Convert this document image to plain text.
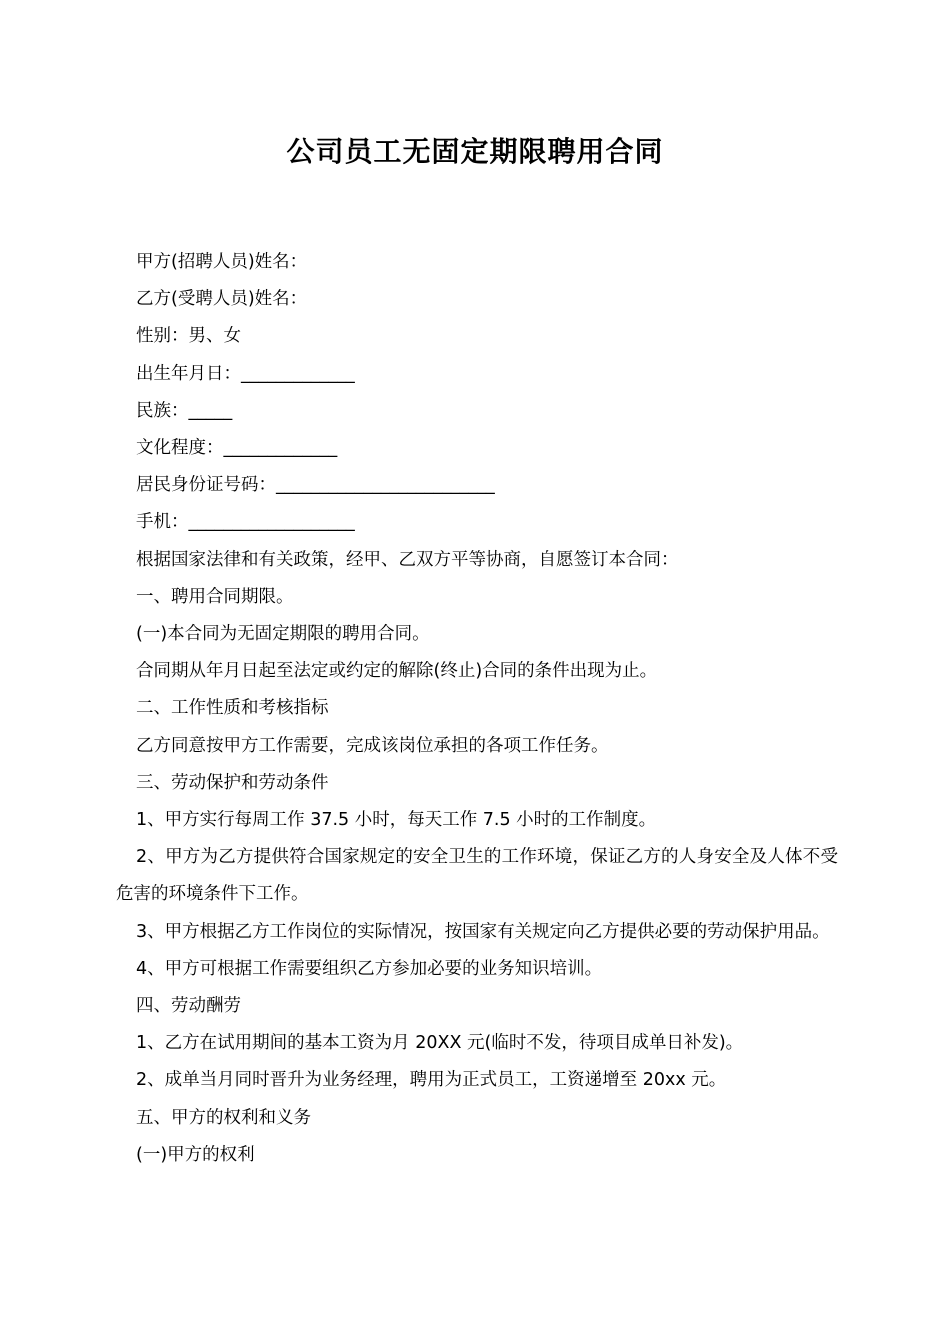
公司员工无固定期限聘用合同

甲方(招聘人员)姓名：

乙方(受聘人员)姓名：

性别：男、女

出生年月日：_____________

民族：_____

文化程度：_____________

居民身份证号码：_________________________

手机：___________________

根据国家法律和有关政策，经甲、乙双方平等协商，自愿签订本合同：

一、聘用合同期限。

(一)本合同为无固定期限的聘用合同。

合同期从年月日起至法定或约定的解除(终止)合同的条件出现为止。

二、工作性质和考核指标

乙方同意按甲方工作需要，完成该岗位承担的各项工作任务。

三、劳动保护和劳动条件

1、甲方实行每周工作 37.5 小时，每天工作 7.5 小时的工作制度。

2、甲方为乙方提供符合国家规定的安全卫生的工作环境，保证乙方的人身安全及人体不受危害的环境条件下工作。

3、甲方根据乙方工作岗位的实际情况，按国家有关规定向乙方提供必要的劳动保护用品。

4、甲方可根据工作需要组织乙方参加必要的业务知识培训。

四、劳动酬劳

1、乙方在试用期间的基本工资为月 20XX 元(临时不发，待项目成单日补发)。

2、成单当月同时晋升为业务经理，聘用为正式员工，工资递增至 20xx 元。

五、甲方的权利和义务

(一)甲方的权利
